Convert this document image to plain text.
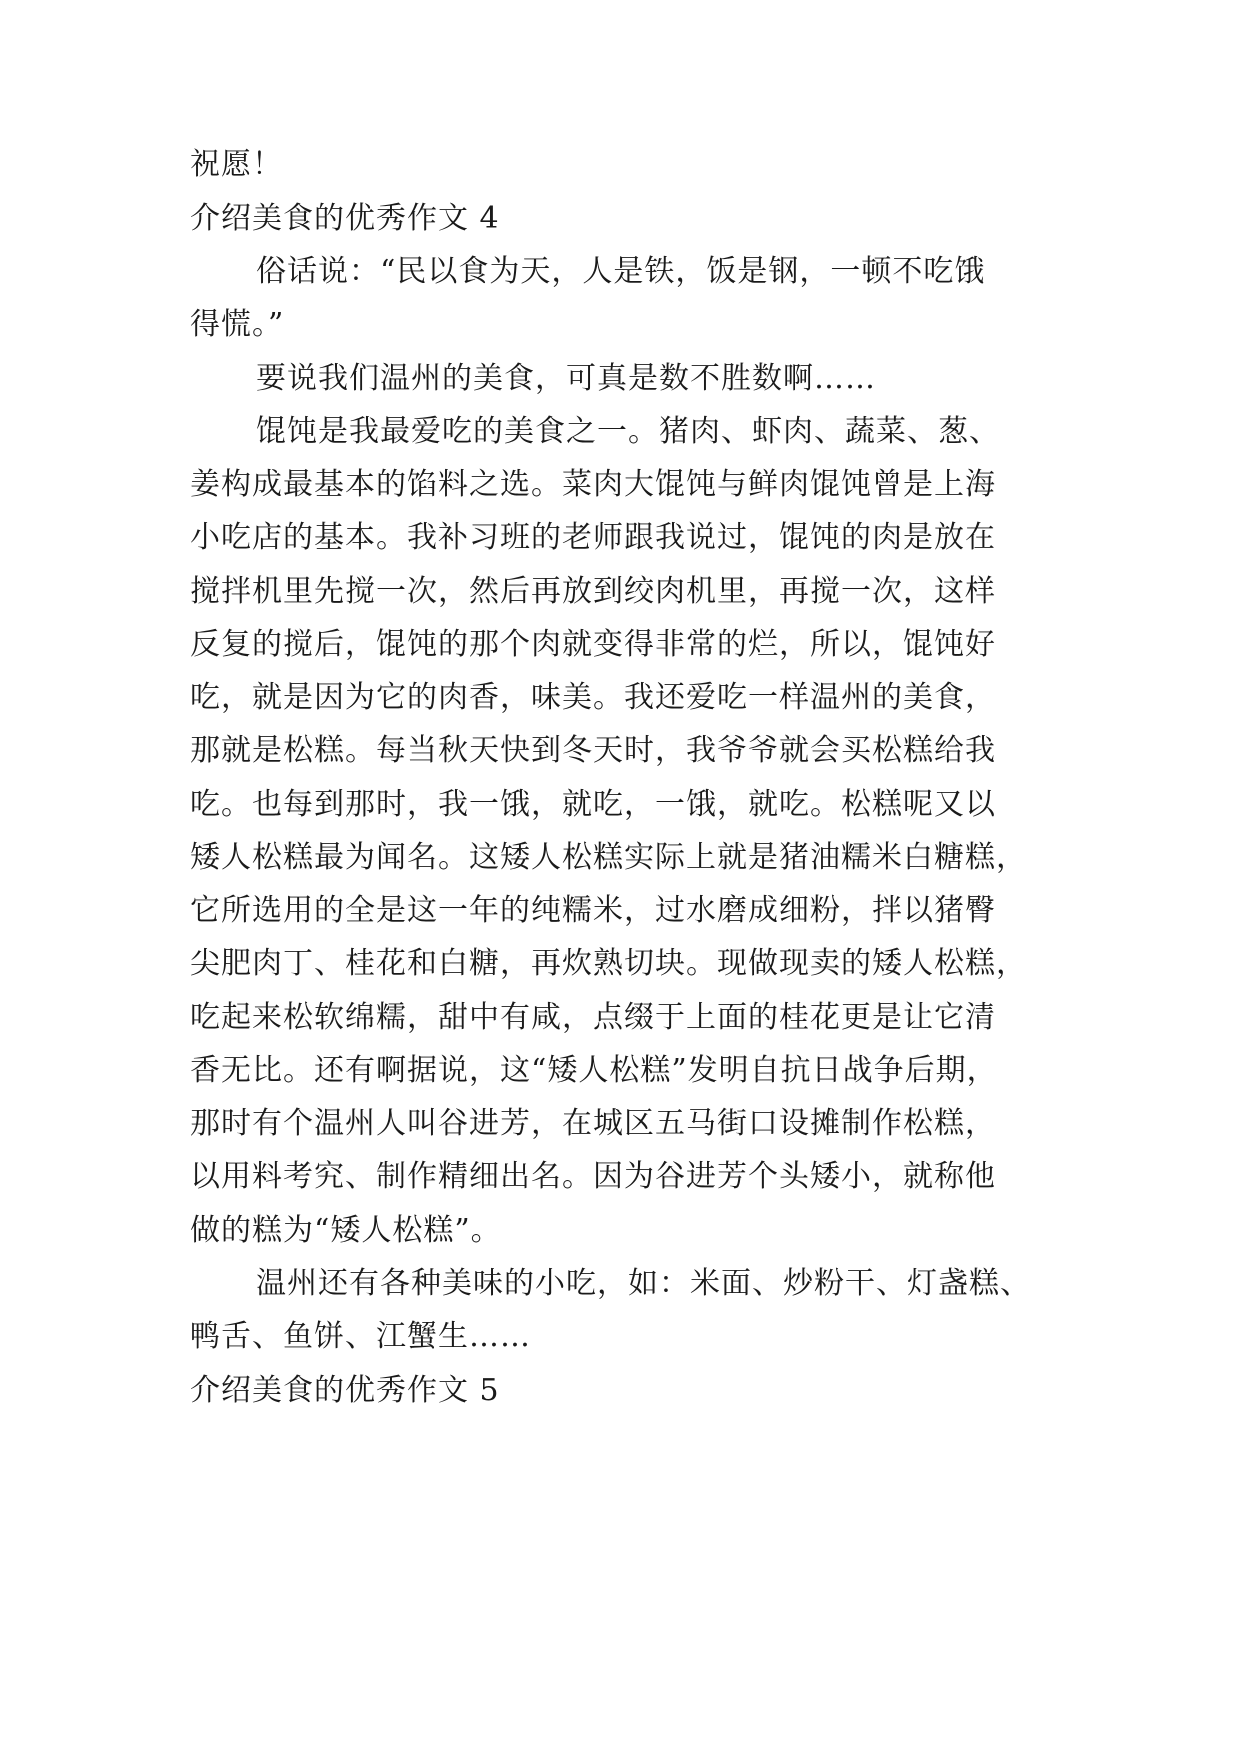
祝愿！
介绍美食的优秀作文 4
俗话说：“民以食为天，人是铁，饭是钢，一顿不吃饿
得慌。”
要说我们温州的美食，可真是数不胜数啊……
馄饨是我最爱吃的美食之一。猪肉、虾肉、蔬菜、葱、
姜构成最基本的馅料之选。菜肉大馄饨与鲜肉馄饨曾是上海
小吃店的基本。我补习班的老师跟我说过，馄饨的肉是放在
搅拌机里先搅一次，然后再放到绞肉机里，再搅一次，这样
反复的搅后，馄饨的那个肉就变得非常的烂，所以，馄饨好
吃，就是因为它的肉香，味美。我还爱吃一样温州的美食，
那就是松糕。每当秋天快到冬天时，我爷爷就会买松糕给我
吃。也每到那时，我一饿，就吃，一饿，就吃。松糕呢又以
矮人松糕最为闻名。这矮人松糕实际上就是猪油糯米白糖糕，
它所选用的全是这一年的纯糯米，过水磨成细粉，拌以猪臀
尖肥肉丁、桂花和白糖，再炊熟切块。现做现卖的矮人松糕，
吃起来松软绵糯，甜中有咸，点缀于上面的桂花更是让它清
香无比。还有啊据说，这“矮人松糕”发明自抗日战争后期，
那时有个温州人叫谷进芳，在城区五马街口设摊制作松糕，
以用料考究、制作精细出名。因为谷进芳个头矮小，就称他
做的糕为“矮人松糕”。
温州还有各种美味的小吃，如：米面、炒粉干、灯盏糕、
鸭舌、鱼饼、江蟹生……
介绍美食的优秀作文 5
